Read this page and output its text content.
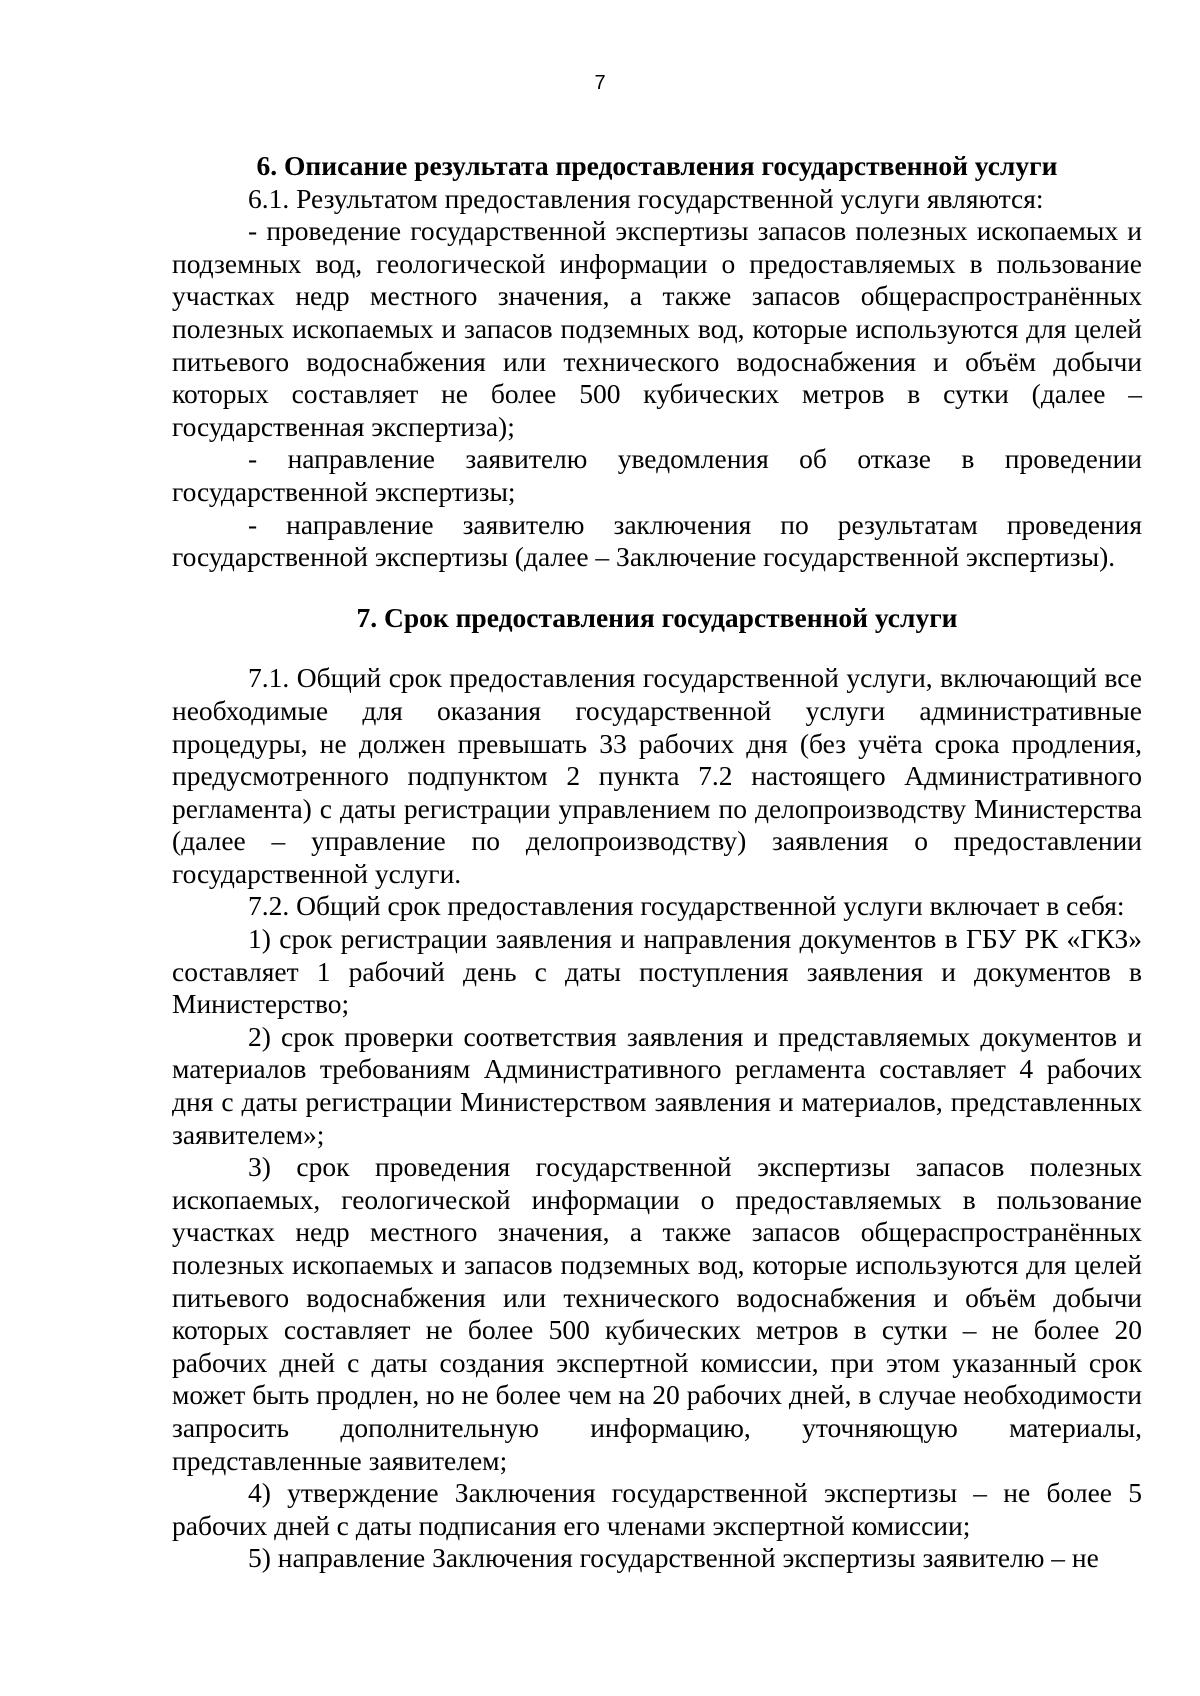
7
6. Описание результата предоставления государственной услуги

6.1. Результатом предоставления государственной услуги являются:

- проведение государственной экспертизы запасов полезных ископаемых и подземных вод, геологической информации о предоставляемых в пользование участках недр местного значения, а также запасов общераспространённых полезных ископаемых и запасов подземных вод, которые используются для целей питьевого водоснабжения или технического водоснабжения и объём добычи которых составляет не более 500 кубических метров в сутки (далее – государственная экспертиза);

- направление заявителю уведомления об отказе в проведении государственной экспертизы;

- направление заявителю заключения по результатам проведения государственной экспертизы (далее – Заключение государственной экспертизы).

7. Срок предоставления государственной услуги

7.1. Общий срок предоставления государственной услуги, включающий все необходимые для оказания государственной услуги административные процедуры, не должен превышать 33 рабочих дня (без учёта срока продления, предусмотренного подпунктом 2 пункта 7.2 настоящего Административного регламента) с даты регистрации управлением по делопроизводству Министерства (далее – управление по делопроизводству) заявления о предоставлении государственной услуги.

7.2. Общий срок предоставления государственной услуги включает в себя:

1) срок регистрации заявления и направления документов в ГБУ РК «ГКЗ» составляет 1 рабочий день с даты поступления заявления и документов в Министерство;

2) срок проверки соответствия заявления и представляемых документов и материалов требованиям Административного регламента составляет 4 рабочих дня с даты регистрации Министерством заявления и материалов, представленных заявителем»;

3) срок проведения государственной экспертизы запасов полезных ископаемых, геологической информации о предоставляемых в пользование участках недр местного значения, а также запасов общераспространённых полезных ископаемых и запасов подземных вод, которые используются для целей питьевого водоснабжения или технического водоснабжения и объём добычи которых составляет не более 500 кубических метров в сутки – не более 20 рабочих дней с даты создания экспертной комиссии, при этом указанный срок может быть продлен, но не более чем на 20 рабочих дней, в случае необходимости запросить дополнительную информацию, уточняющую материалы, представленные заявителем;

4) утверждение Заключения государственной экспертизы – не более 5 рабочих дней с даты подписания его членами экспертной комиссии;

5) направление Заключения государственной экспертизы заявителю – не
